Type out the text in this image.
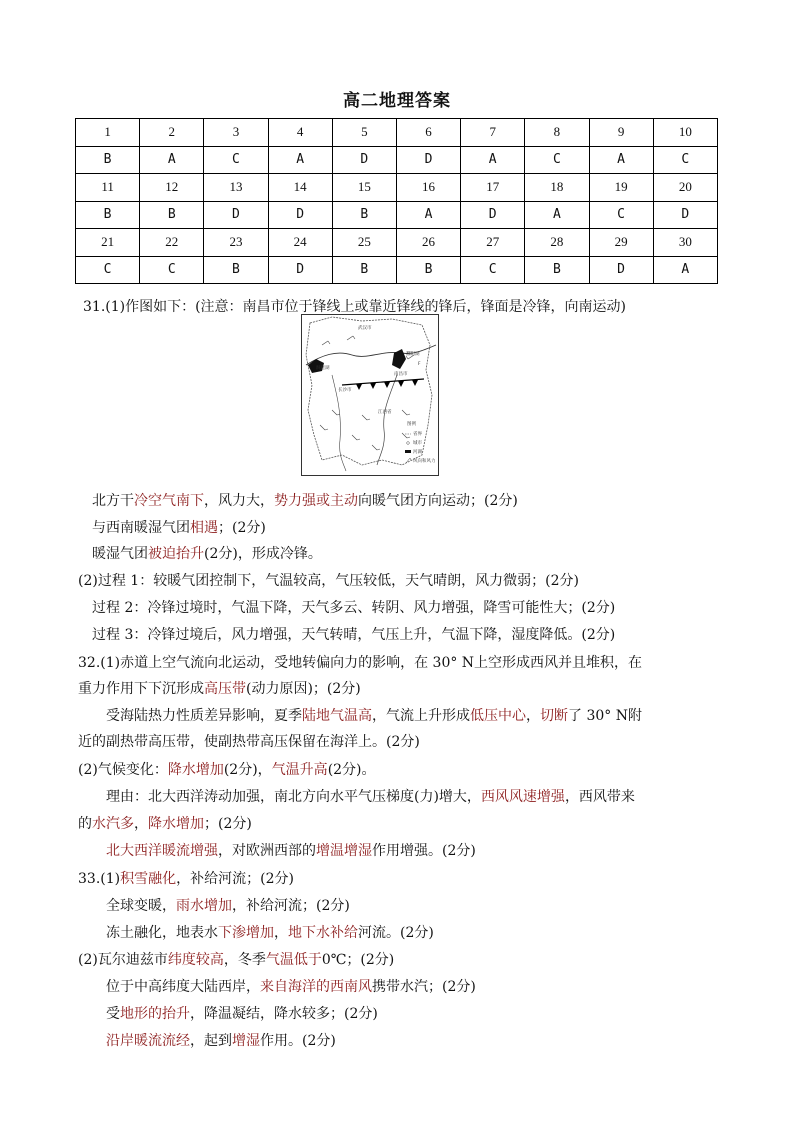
高二地理答案
1	2	3	4	5	6	7	8	9	10
B	A	C	A	D	D	A	C	A	C
11	12	13	14	15	16	17	18	19	20
B	B	D	D	B	A	D	A	C	D
21	22	23	24	25	26	27	28	29	30
C	C	B	D	B	B	C	B	D	A
武汉市
洞庭湖
长沙市
鄱阳湖
南昌市
江西省
F
图例
省界
城市
河湖
风向和风力
31.(1)作图如下：(注意：南昌市位于锋线上或靠近锋线的锋后，锋面是冷锋，向南运动)
北方干冷空气南下，风力大，势力强或主动向暖气团方向运动；(2分)
与西南暖湿气团相遇；(2分)
暖湿气团被迫抬升(2分)，形成冷锋。
(2)过程 1：较暖气团控制下，气温较高，气压较低，天气晴朗，风力微弱；(2分)
过程 2：冷锋过境时，气温下降，天气多云、转阴、风力增强，降雪可能性大；(2分)
过程 3：冷锋过境后，风力增强，天气转晴，气压上升，气温下降，湿度降低。(2分)
32.(1)赤道上空气流向北运动，受地转偏向力的影响，在 30° N上空形成西风并且堆积，在
重力作用下下沉形成高压带(动力原因)；(2分)
受海陆热力性质差异影响，夏季陆地气温高，气流上升形成低压中心，切断了 30° N附
近的副热带高压带，使副热带高压保留在海洋上。(2分)
(2)气候变化：降水增加(2分)，气温升高(2分)。
理由：北大西洋涛动加强，南北方向水平气压梯度(力)增大，西风风速增强，西风带来
的水汽多，降水增加；(2分)
北大西洋暖流增强，对欧洲西部的增温增湿作用增强。(2分)
33.(1)积雪融化，补给河流；(2分)
全球变暖，雨水增加，补给河流；(2分)
冻土融化，地表水下渗增加，地下水补给河流。(2分)
(2)瓦尔迪兹市纬度较高，冬季气温低于0℃；(2分)
位于中高纬度大陆西岸，来自海洋的西南风携带水汽；(2分)
受地形的抬升，降温凝结，降水较多；(2分)
沿岸暖流流经，起到增湿作用。(2分)
